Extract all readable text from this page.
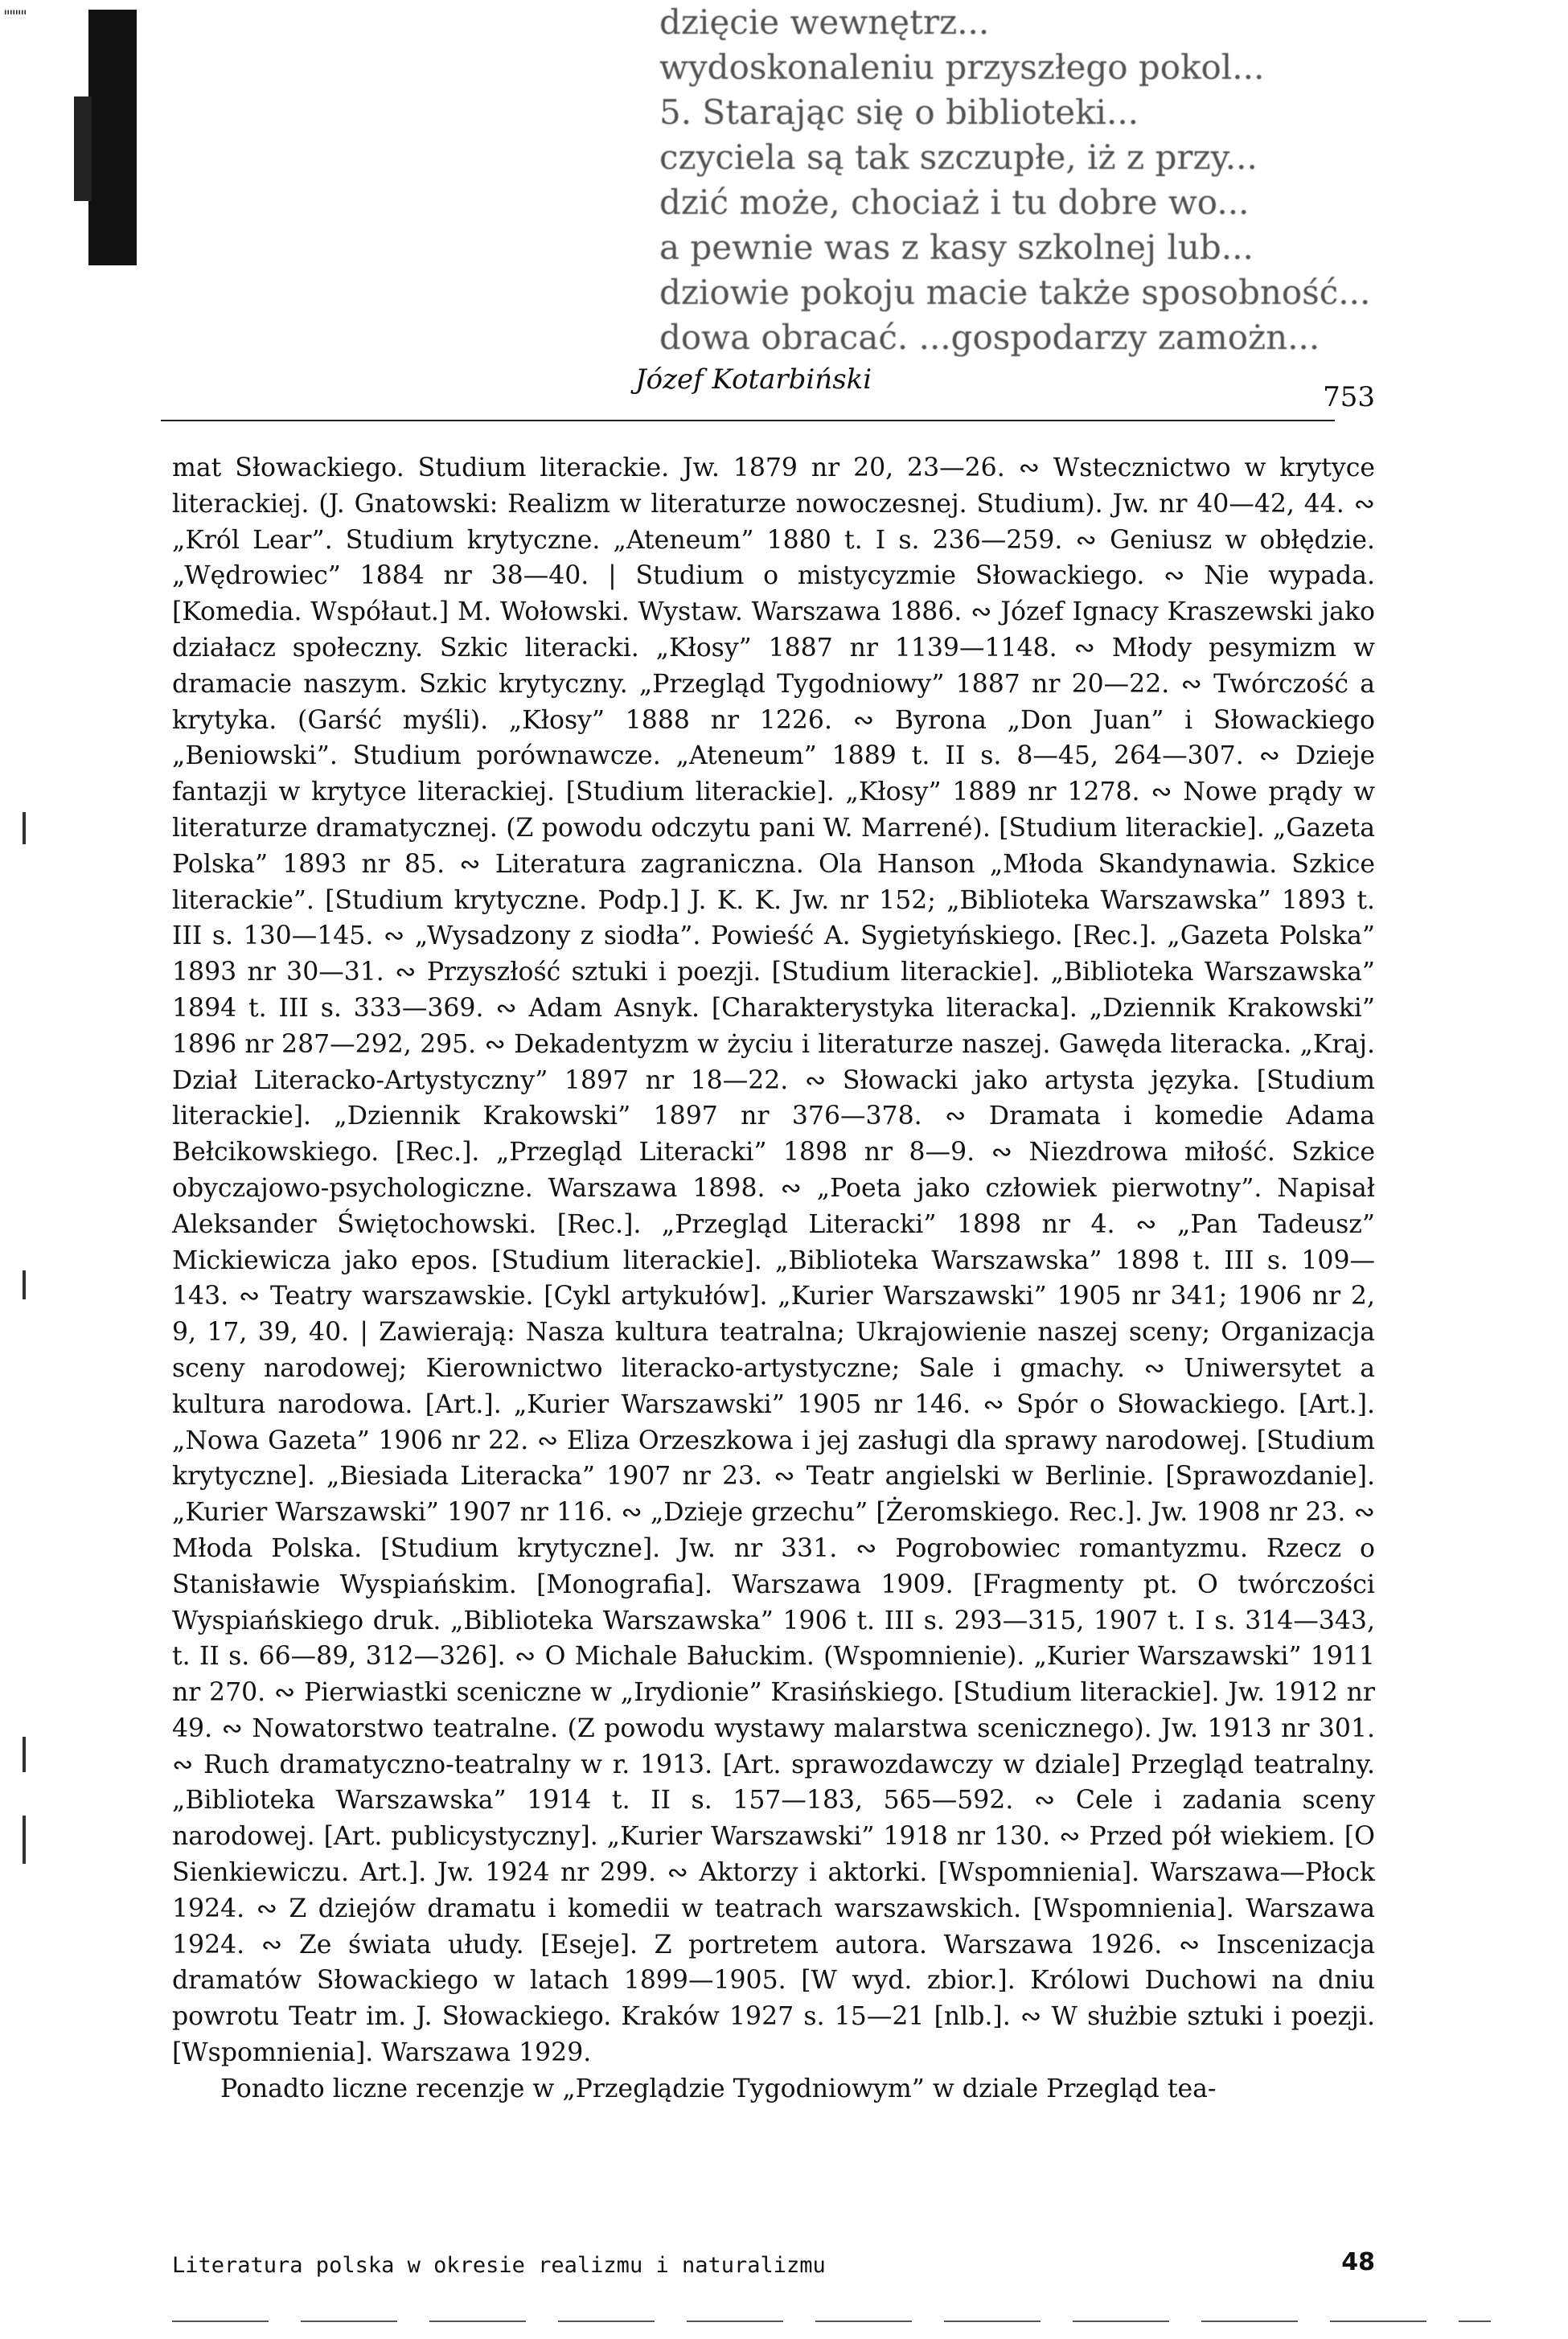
''''''''	dzięcie wewnętrz...
wydoskonaleniu przyszłego pokol...
5. Starając się o biblioteki...
czyciela są tak szczupłe, iż z przy...
dzić może, chociaż i tu dobre wo...
a pewnie was z kasy szkolnej lub...
dziowie pokoju macie także sposobność...
dowa obracać. ...gospodarzy zamożn...
Józef Kotarbiński
753

mat Słowackiego. Studium literackie. Jw. 1879 nr 20, 23—26. ∾ Wstecznictwo w krytyce literackiej. (J. Gnatowski: Realizm w literaturze nowoczesnej. Studium). Jw. nr 40—42, 44. ∾ „Król Lear”. Studium krytyczne. „Ateneum” 1880 t. I s. 236—259. ∾ Geniusz w obłędzie. „Wędrowiec” 1884 nr 38—40. | Studium o mistycyzmie Słowackiego. ∾ Nie wypada. [Komedia. Współaut.] M. Wołowski. Wystaw. Warszawa 1886. ∾ Józef Ignacy Kraszewski jako działacz społeczny. Szkic literacki. „Kłosy” 1887 nr 1139—1148. ∾ Młody pesymizm w dramacie naszym. Szkic krytyczny. „Przegląd Tygodniowy” 1887 nr 20—22. ∾ Twórczość a krytyka. (Garść myśli). „Kłosy” 1888 nr 1226. ∾ Byrona „Don Juan” i Słowackiego „Beniowski”. Studium porównawcze. „Ateneum” 1889 t. II s. 8—45, 264—307. ∾ Dzieje fantazji w krytyce literackiej. [Studium literackie]. „Kłosy” 1889 nr 1278. ∾ Nowe prądy w literaturze dramatycznej. (Z powodu odczytu pani W. Marrené). [Studium literackie]. „Gazeta Polska” 1893 nr 85. ∾ Literatura zagraniczna. Ola Hanson „Młoda Skandynawia. Szkice literackie”. [Studium krytyczne. Podp.] J. K. K. Jw. nr 152; „Biblioteka Warszawska” 1893 t. III s. 130—145. ∾ „Wysadzony z siodła”. Powieść A. Sygietyńskiego. [Rec.]. „Gazeta Polska” 1893 nr 30—31. ∾ Przyszłość sztuki i poezji. [Studium literackie]. „Biblioteka Warszawska” 1894 t. III s. 333—369. ∾ Adam Asnyk. [Charakterystyka literacka]. „Dziennik Krakowski” 1896 nr 287—292, 295. ∾ Dekadentyzm w życiu i literaturze naszej. Gawęda literacka. „Kraj. Dział Literacko-Artystyczny” 1897 nr 18—22. ∾ Słowacki jako artysta języka. [Studium literackie]. „Dziennik Krakowski” 1897 nr 376—378. ∾ Dramata i komedie Adama Bełcikowskiego. [Rec.]. „Przegląd Literacki” 1898 nr 8—9. ∾ Niezdrowa miłość. Szkice obyczajowo-psychologiczne. Warszawa 1898. ∾ „Poeta jako człowiek pierwotny”. Napisał Aleksander Świętochowski. [Rec.]. „Przegląd Literacki” 1898 nr 4. ∾ „Pan Tadeusz” Mickiewicza jako epos. [Studium literackie]. „Biblioteka Warszawska” 1898 t. III s. 109—143. ∾ Teatry warszawskie. [Cykl artykułów]. „Kurier Warszawski” 1905 nr 341; 1906 nr 2, 9, 17, 39, 40. | Zawierają: Nasza kultura teatralna; Ukrajowienie naszej sceny; Organizacja sceny narodowej; Kierownictwo literacko-artystyczne; Sale i gmachy. ∾ Uniwersytet a kultura narodowa. [Art.]. „Kurier Warszawski” 1905 nr 146. ∾ Spór o Słowackiego. [Art.]. „Nowa Gazeta” 1906 nr 22. ∾ Eliza Orzeszkowa i jej zasługi dla sprawy narodowej. [Studium krytyczne]. „Biesiada Literacka” 1907 nr 23. ∾ Teatr angielski w Berlinie. [Sprawozdanie]. „Kurier Warszawski” 1907 nr 116. ∾ „Dzieje grzechu” [Żeromskiego. Rec.]. Jw. 1908 nr 23. ∾ Młoda Polska. [Studium krytyczne]. Jw. nr 331. ∾ Pogrobowiec romantyzmu. Rzecz o Stanisławie Wyspiańskim. [Monografia]. Warszawa 1909. [Fragmenty pt. O twórczości Wyspiańskiego druk. „Biblioteka Warszawska” 1906 t. III s. 293—315, 1907 t. I s. 314—343, t. II s. 66—89, 312—326]. ∾ O Michale Bałuckim. (Wspomnienie). „Kurier Warszawski” 1911 nr 270. ∾ Pierwiastki sceniczne w „Irydionie” Krasińskiego. [Studium literackie]. Jw. 1912 nr 49. ∾ Nowatorstwo teatralne. (Z powodu wystawy malarstwa scenicznego). Jw. 1913 nr 301. ∾ Ruch dramatyczno-teatralny w r. 1913. [Art. sprawozdawczy w dziale] Przegląd teatralny. „Biblioteka Warszawska” 1914 t. II s. 157—183, 565—592. ∾ Cele i zadania sceny narodowej. [Art. publicystyczny]. „Kurier Warszawski” 1918 nr 130. ∾ Przed pół wiekiem. [O Sienkiewiczu. Art.]. Jw. 1924 nr 299. ∾ Aktorzy i aktorki. [Wspomnienia]. Warszawa—Płock 1924. ∾ Z dziejów dramatu i komedii w teatrach warszawskich. [Wspomnienia]. Warszawa 1924. ∾ Ze świata ułudy. [Eseje]. Z portretem autora. Warszawa 1926. ∾ Inscenizacja dramatów Słowackiego w latach 1899—1905. [W wyd. zbior.]. Królowi Duchowi na dniu powrotu Teatr im. J. Słowackiego. Kraków 1927 s. 15—21 [nlb.]. ∾ W służbie sztuki i poezji. [Wspomnienia]. Warszawa 1929.

Ponadto liczne recenzje w „Przeglądzie Tygodniowym” w dziale Przegląd tea-

Literatura polska w okresie realizmu i naturalizmu	48
